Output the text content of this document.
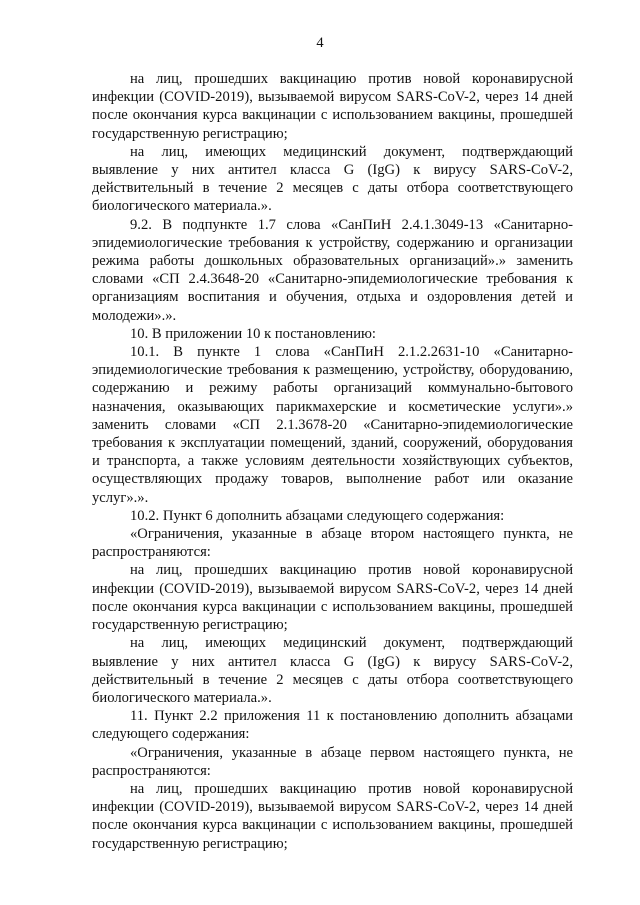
4

на лиц, прошедших вакцинацию против новой коронавирусной инфекции (COVID-2019), вызываемой вирусом SARS-CoV-2, через 14 дней после окончания курса вакцинации с использованием вакцины, прошедшей государственную регистрацию;

на лиц, имеющих медицинский документ, подтверждающий выявление у них антител класса G (IgG) к вирусу SARS-CoV-2, действительный в течение 2 месяцев с даты отбора соответствующего биологического материала.».

9.2. В подпункте 1.7 слова «СанПиН 2.4.1.3049-13 «Санитарно-эпидемиологические требования к устройству, содержанию и организации режима работы дошкольных образовательных организаций».» заменить словами «СП 2.4.3648-20 «Санитарно-эпидемиологические требования к организациям воспитания и обучения, отдыха и оздоровления детей и молодежи».».

10. В приложении 10 к постановлению:

10.1. В пункте 1 слова «СанПиН 2.1.2.2631-10 «Санитарно-эпидемиологические требования к размещению, устройству, оборудованию, содержанию и режиму работы организаций коммунально-бытового назначения, оказывающих парикмахерские и косметические услуги».» заменить словами «СП 2.1.3678-20 «Санитарно-эпидемиологические требования к эксплуатации помещений, зданий, сооружений, оборудования и транспорта, а также условиям деятельности хозяйствующих субъектов, осуществляющих продажу товаров, выполнение работ или оказание услуг».».

10.2. Пункт 6 дополнить абзацами следующего содержания:

«Ограничения, указанные в абзаце втором настоящего пункта, не распространяются:

на лиц, прошедших вакцинацию против новой коронавирусной инфекции (COVID-2019), вызываемой вирусом SARS-CoV-2, через 14 дней после окончания курса вакцинации с использованием вакцины, прошедшей государственную регистрацию;

на лиц, имеющих медицинский документ, подтверждающий выявление у них антител класса G (IgG) к вирусу SARS-CoV-2, действительный в течение 2 месяцев с даты отбора соответствующего биологического материала.».

11. Пункт 2.2 приложения 11 к постановлению дополнить абзацами следующего содержания:

«Ограничения, указанные в абзаце первом настоящего пункта, не распространяются:

на лиц, прошедших вакцинацию против новой коронавирусной инфекции (COVID-2019), вызываемой вирусом SARS-CoV-2, через 14 дней после окончания курса вакцинации с использованием вакцины, прошедшей государственную регистрацию;
